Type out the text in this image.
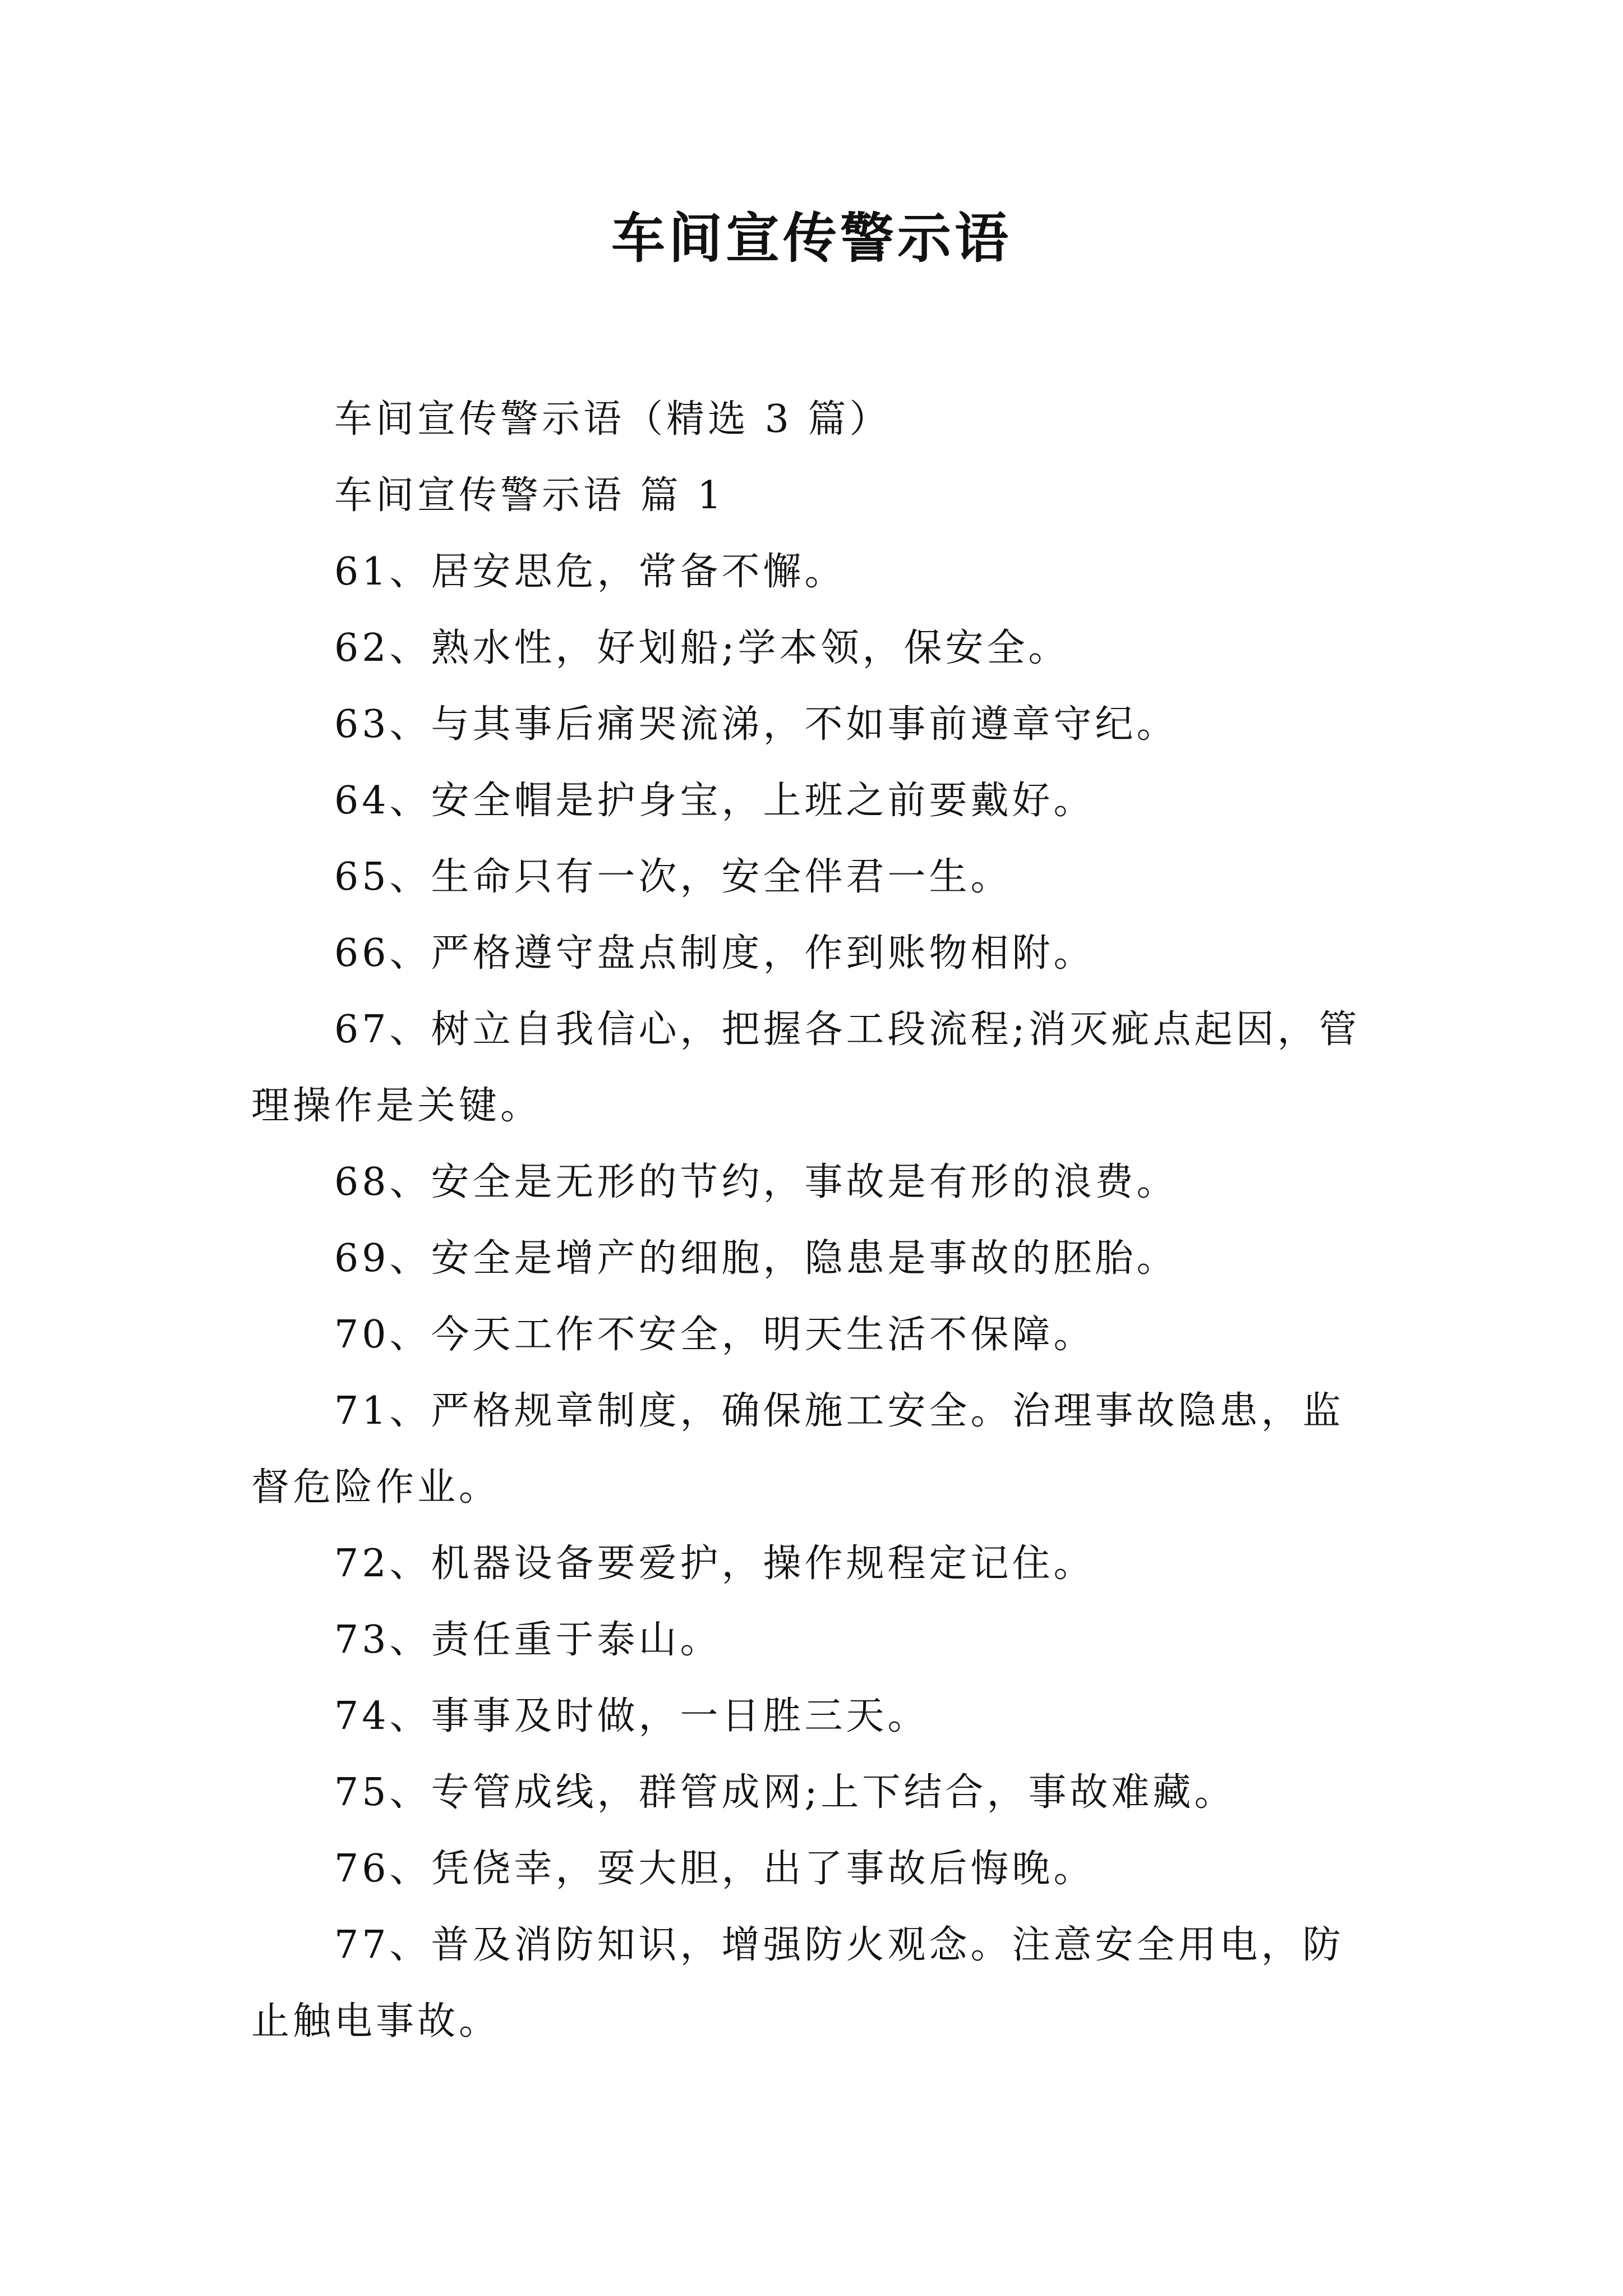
车间宣传警示语

车间宣传警示语（精选 3 篇）

车间宣传警示语 篇 1

61、居安思危，常备不懈。

62、熟水性，好划船;学本领，保安全。

63、与其事后痛哭流涕，不如事前遵章守纪。

64、安全帽是护身宝，上班之前要戴好。

65、生命只有一次，安全伴君一生。

66、严格遵守盘点制度，作到账物相附。

67、树立自我信心，把握各工段流程;消灭疵点起因，管理操作是关键。

68、安全是无形的节约，事故是有形的浪费。

69、安全是增产的细胞，隐患是事故的胚胎。

70、今天工作不安全，明天生活不保障。

71、严格规章制度，确保施工安全。治理事故隐患，监督危险作业。

72、机器设备要爱护，操作规程定记住。

73、责任重于泰山。

74、事事及时做，一日胜三天。

75、专管成线，群管成网;上下结合，事故难藏。

76、凭侥幸，耍大胆，出了事故后悔晚。

77、普及消防知识，增强防火观念。注意安全用电，防止触电事故。
